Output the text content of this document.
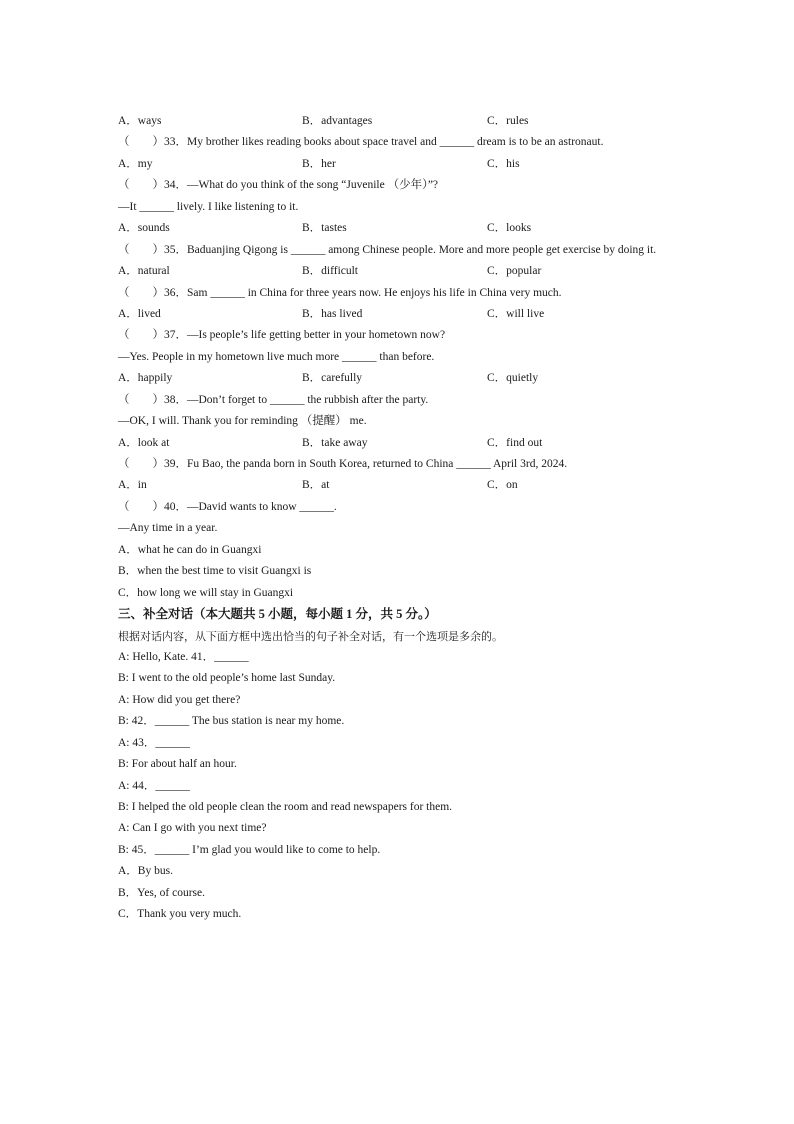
A．ways	B．advantages	C．rules
（　　）33．My brother likes reading books about space travel and ______ dream is to be an astronaut.
A．my	B．her	C．his
（　　）34．—What do you think of the song “Juvenile （少年）”?
—It ______ lively. I like listening to it.
A．sounds	B．tastes	C．looks
（　　）35．Baduanjing Qigong is ______ among Chinese people. More and more people get exercise by doing it.
A．natural	B．difficult	C．popular
（　　）36．Sam ______ in China for three years now. He enjoys his life in China very much.
A．lived	B．has lived	C．will live
（　　）37．—Is people’s life getting better in your hometown now?
—Yes. People in my hometown live much more ______ than before.
A．happily	B．carefully	C．quietly
（　　）38．—Don’t forget to ______ the rubbish after the party.
—OK, I will. Thank you for reminding （提醒） me.
A．look at	B．take away	C．find out
（　　）39．Fu Bao, the panda born in South Korea, returned to China ______ April 3rd, 2024.
A．in	B．at	C．on
（　　）40．—David wants to know ______.
—Any time in a year.
A．what he can do in Guangxi
B．when the best time to visit Guangxi is
C．how long we will stay in Guangxi
三、补全对话（本大题共 5 小题，每小题 1 分，共 5 分。）
根据对话内容，从下面方框中选出恰当的句子补全对话，有一个选项是多余的。
A: Hello, Kate. 41．______
B: I went to the old people’s home last Sunday.
A: How did you get there?
B: 42．______ The bus station is near my home.
A: 43．______
B: For about half an hour.
A: 44．______
B: I helped the old people clean the room and read newspapers for them.
A: Can I go with you next time?
B: 45．______ I’m glad you would like to come to help.
A．By bus.
B．Yes, of course.
C．Thank you very much.
